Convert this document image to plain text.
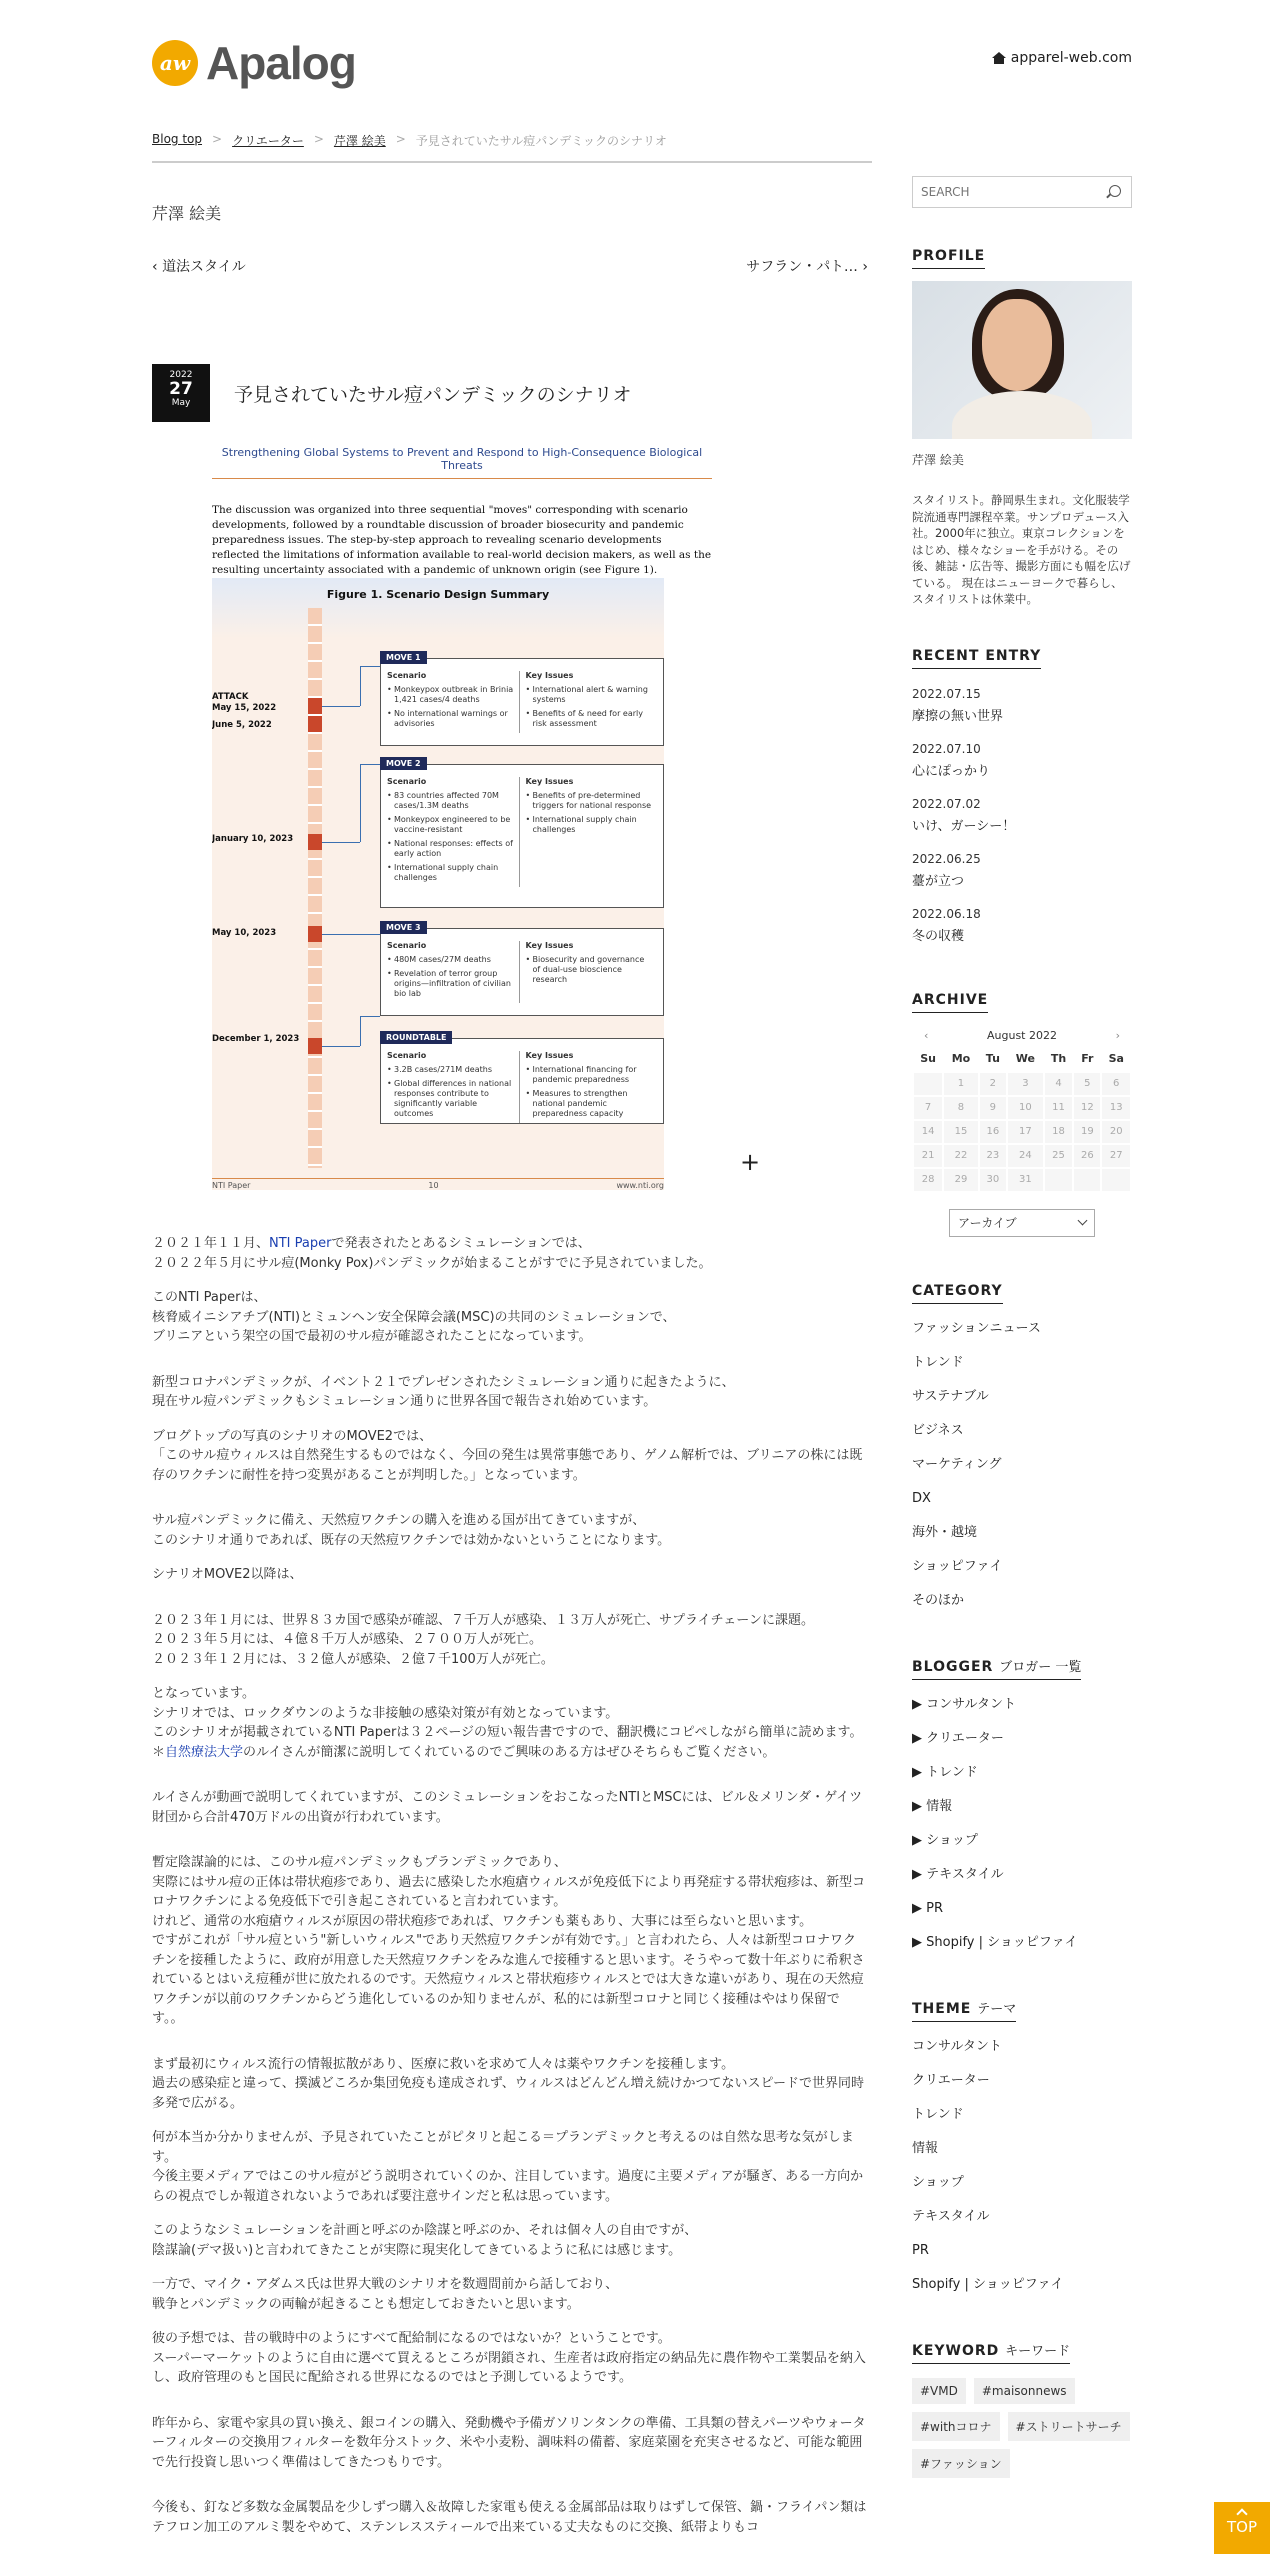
aw Apalog	apparel-web.com
Blog top > クリエーター > 芹澤 絵美 > 予見されていたサル痘パンデミックのシナリオ
芹澤 絵美
‹ 道法スタイル	サフラン・パト… ›
2022
27
May	予見されていたサル痘パンデミックのシナリオ
Strengthening Global Systems to Prevent and Respond to High-Consequence Biological Threats
The discussion was organized into three sequential "moves" corresponding with scenario developments, followed by a roundtable discussion of broader biosecurity and pandemic preparedness issues. The step-by-step approach to revealing scenario developments reflected the limitations of information available to real-world decision makers, as well as the resulting uncertainty associated with a pandemic of unknown origin (see Figure 1).
Figure 1. Scenario Design Summary
ATTACK
May 15, 2022
June 5, 2022
January 10, 2023
May 10, 2023
December 1, 2023
MOVE 1
Scenario
• Monkeypox outbreak in Brinia 1,421 cases/4 deaths
• No international warnings or advisories
Key Issues
• International alert & warning systems
• Benefits of & need for early risk assessment
MOVE 2
Scenario
• 83 countries affected 70M cases/1.3M deaths
• Monkeypox engineered to be vaccine-resistant
• National responses: effects of early action
• International supply chain challenges
Key Issues
• Benefits of pre-determined triggers for national response
• International supply chain challenges
MOVE 3
Scenario
• 480M cases/27M deaths
• Revelation of terror group origins—infiltration of civilian bio lab
Key Issues
• Biosecurity and governance of dual-use bioscience research
ROUNDTABLE
Scenario
• 3.2B cases/271M deaths
• Global differences in national responses contribute to significantly variable outcomes
Key Issues
• International financing for pandemic preparedness
• Measures to strengthen national pandemic preparedness capacity
NTI Paper	10	www.nti.org
+

２０２１年１１月、NTI Paperで発表されたとあるシミュレーションでは、
２０２２年５月にサル痘(Monky Pox)パンデミックが始まることがすでに予見されていました。

このNTI Paperは、
核脅威イニシアチブ(NTI)とミュンヘン安全保障会議(MSC)の共同のシミュレーションで、
ブリニアという架空の国で最初のサル痘が確認されたことになっています。

新型コロナパンデミックが、イベント２１でプレゼンされたシミュレーション通りに起きたように、
現在サル痘パンデミックもシミュレーション通りに世界各国で報告され始めています。

ブログトップの写真のシナリオのMOVE2では、
「このサル痘ウィルスは自然発生するものではなく、今回の発生は異常事態であり、ゲノム解析では、ブリニアの株には既存のワクチンに耐性を持つ変異があることが判明した。」となっています。

サル痘パンデミックに備え、天然痘ワクチンの購入を進める国が出てきていますが、
このシナリオ通りであれば、既存の天然痘ワクチンでは効かないということになります。

シナリオMOVE2以降は、

２０２３年１月には、世界８３カ国で感染が確認、７千万人が感染、１３万人が死亡、サプライチェーンに課題。
２０２３年５月には、４億８千万人が感染、２７００万人が死亡。
２０２３年１２月には、３２億人が感染、２億７千100万人が死亡。

となっています。
シナリオでは、ロックダウンのような非接触の感染対策が有効となっています。
このシナリオが掲載されているNTI Paperは３２ページの短い報告書ですので、翻訳機にコピペしながら簡単に読めます。
＊自然療法大学のルイさんが簡潔に説明してくれているのでご興味のある方はぜひそちらもご覧ください。

ルイさんが動画で説明してくれていますが、このシミュレーションをおこなったNTIとMSCには、ビル＆メリンダ・ゲイツ財団から合計470万ドルの出資が行われています。

暫定陰謀論的には、このサル痘パンデミックもプランデミックであり、
実際にはサル痘の正体は帯状疱疹であり、過去に感染した水疱瘡ウィルスが免疫低下により再発症する帯状疱疹は、新型コロナワクチンによる免疫低下で引き起こされていると言われています。
けれど、通常の水疱瘡ウィルスが原因の帯状疱疹であれば、ワクチンも薬もあり、大事には至らないと思います。
ですがこれが「サル痘という"新しいウィルス"であり天然痘ワクチンが有効です。」と言われたら、人々は新型コロナワクチンを接種したように、政府が用意した天然痘ワクチンをみな進んで接種すると思います。そうやって数十年ぶりに希釈されているとはいえ痘種が世に放たれるのです。天然痘ウィルスと帯状疱疹ウィルスとでは大きな違いがあり、現在の天然痘ワクチンが以前のワクチンからどう進化しているのか知りませんが、私的には新型コロナと同じく接種はやはり保留です。。

まず最初にウィルス流行の情報拡散があり、医療に救いを求めて人々は薬やワクチンを接種します。
過去の感染症と違って、撲滅どころか集団免疫も達成されず、ウィルスはどんどん増え続けかつてないスピードで世界同時多発で広がる。

何が本当か分かりませんが、予見されていたことがピタリと起こる＝プランデミックと考えるのは自然な思考な気がします。
今後主要メディアではこのサル痘がどう説明されていくのか、注目しています。過度に主要メディアが騒ぎ、ある一方向からの視点でしか報道されないようであれば要注意サインだと私は思っています。

このようなシミュレーションを計画と呼ぶのか陰謀と呼ぶのか、それは個々人の自由ですが、
陰謀論(デマ扱い)と言われてきたことが実際に現実化してきているように私には感じます。

一方で、マイク・アダムス氏は世界大戦のシナリオを数週間前から話しており、
戦争とパンデミックの両輪が起きることも想定しておきたいと思います。

彼の予想では、昔の戦時中のようにすべて配給制になるのではないか？ということです。
スーパーマーケットのように自由に選べて買えるところが閉鎖され、生産者は政府指定の納品先に農作物や工業製品を納入し、政府管理のもと国民に配給される世界になるのではと予測しているようです。

昨年から、家電や家具の買い換え、銀コインの購入、発動機や予備ガソリンタンクの準備、工具類の替えパーツやウォーターフィルターの交換用フィルターを数年分ストック、米や小麦粉、調味料の備蓄、家庭菜園を充実させるなど、可能な範囲で先行投資し思いつく準備はしてきたつもりです。

今後も、釘など多数な金属製品を少しずつ購入＆故障した家電も使える金属部品は取りはずして保管、鍋・フライパン類はテフロン加工のアルミ製をやめて、ステンレススティールで出来ている丈夫なものに交換、紙帯よりもコ

SEARCH
PROFILE
芹澤 絵美
スタイリスト。静岡県生まれ。文化服装学院流通専門課程卒業。サンプロデュース入社。2000年に独立。東京コレクションをはじめ、様々なショーを手がける。その後、雑誌・広告等、撮影方面にも幅を広げている。 現在はニューヨークで暮らし、スタイリストは休業中。
RECENT ENTRY
2022.07.15
摩擦の無い世界
2022.07.10
心にぽっかり
2022.07.02
いけ、ガーシー！
2022.06.25
薹が立つ
2022.06.18
冬の収穫
ARCHIVE
‹	August 2022	›
Su	Mo	Tu	We	Th	Fr	Sa
	1	2	3	4	5	6
7	8	9	10	11	12	13
14	15	16	17	18	19	20
21	22	23	24	25	26	27
28	29	30	31			
アーカイブ
CATEGORY
ファッションニュース
トレンド
サステナブル
ビジネス
マーケティング
DX
海外・越境
ショッピファイ
そのほか
BLOGGER ブロガー 一覧
▶ コンサルタント
▶ クリエーター
▶ トレンド
▶ 情報
▶ ショップ
▶ テキスタイル
▶ PR
▶ Shopify | ショッピファイ
THEME テーマ
コンサルタント
クリエーター
トレンド
情報
ショップ
テキスタイル
PR
Shopify | ショッピファイ
KEYWORD キーワード
#VMD	#maisonnews
#withコロナ	#ストリートサーチ
#ファッション
TOP
